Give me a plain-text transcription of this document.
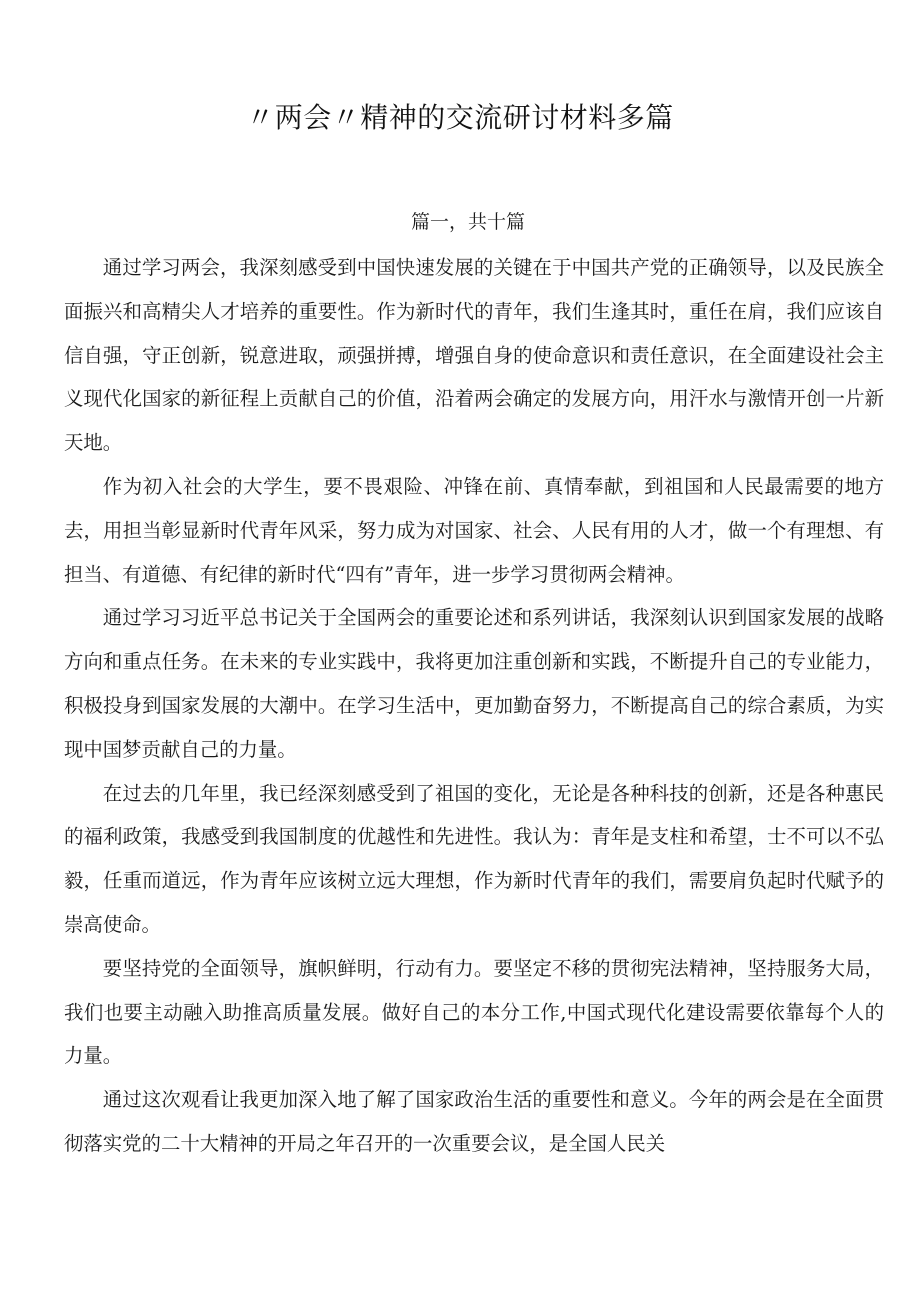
〃两会〃精神的交流研讨材料多篇
篇一，共十篇

通过学习两会，我深刻感受到中国快速发展的关键在于中国共产党的正确领导，以及民族全面振兴和高精尖人才培养的重要性。作为新时代的青年，我们生逢其时，重任在肩，我们应该自信自强，守正创新，锐意进取，顽强拼搏，增强自身的使命意识和责任意识，在全面建设社会主义现代化国家的新征程上贡献自己的价值，沿着两会确定的发展方向，用汗水与激情开创一片新天地。

作为初入社会的大学生，要不畏艰险、冲锋在前、真情奉献，到祖国和人民最需要的地方去，用担当彰显新时代青年风采，努力成为对国家、社会、人民有用的人才，做一个有理想、有担当、有道德、有纪律的新时代“四有”青年，进一步学习贯彻两会精神。

通过学习习近平总书记关于全国两会的重要论述和系列讲话，我深刻认识到国家发展的战略方向和重点任务。在未来的专业实践中，我将更加注重创新和实践，不断提升自己的专业能力，积极投身到国家发展的大潮中。在学习生活中，更加勤奋努力，不断提高自己的综合素质，为实现中国梦贡献自己的力量。

在过去的几年里，我已经深刻感受到了祖国的变化，无论是各种科技的创新，还是各种惠民的福利政策，我感受到我国制度的优越性和先进性。我认为：青年是支柱和希望，士不可以不弘毅，任重而道远，作为青年应该树立远大理想，作为新时代青年的我们，需要肩负起时代赋予的崇高使命。

要坚持党的全面领导，旗帜鲜明，行动有力。要坚定不移的贯彻宪法精神，坚持服务大局，我们也要主动融入助推高质量发展。做好自己的本分工作,中国式现代化建设需要依靠每个人的力量。

通过这次观看让我更加深入地了解了国家政治生活的重要性和意义。今年的两会是在全面贯彻落实党的二十大精神的开局之年召开的一次重要会议，是全国人民关
